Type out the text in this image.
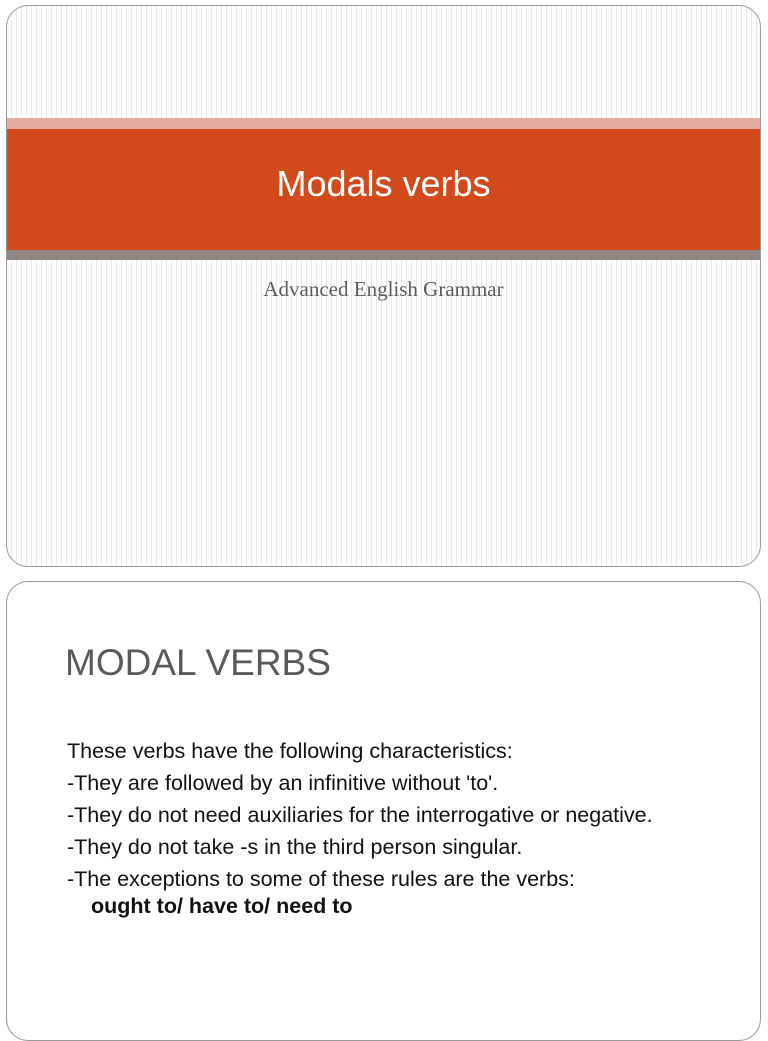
Modals verbs
Advanced English Grammar
MODAL VERBS
These verbs have the following characteristics:
-They are followed by an infinitive without 'to'.
-They do not need auxiliaries for the interrogative or negative.
-They do not take -s in the third person singular.
-The exceptions to some of these rules are the verbs:
ought to/ have to/ need to
